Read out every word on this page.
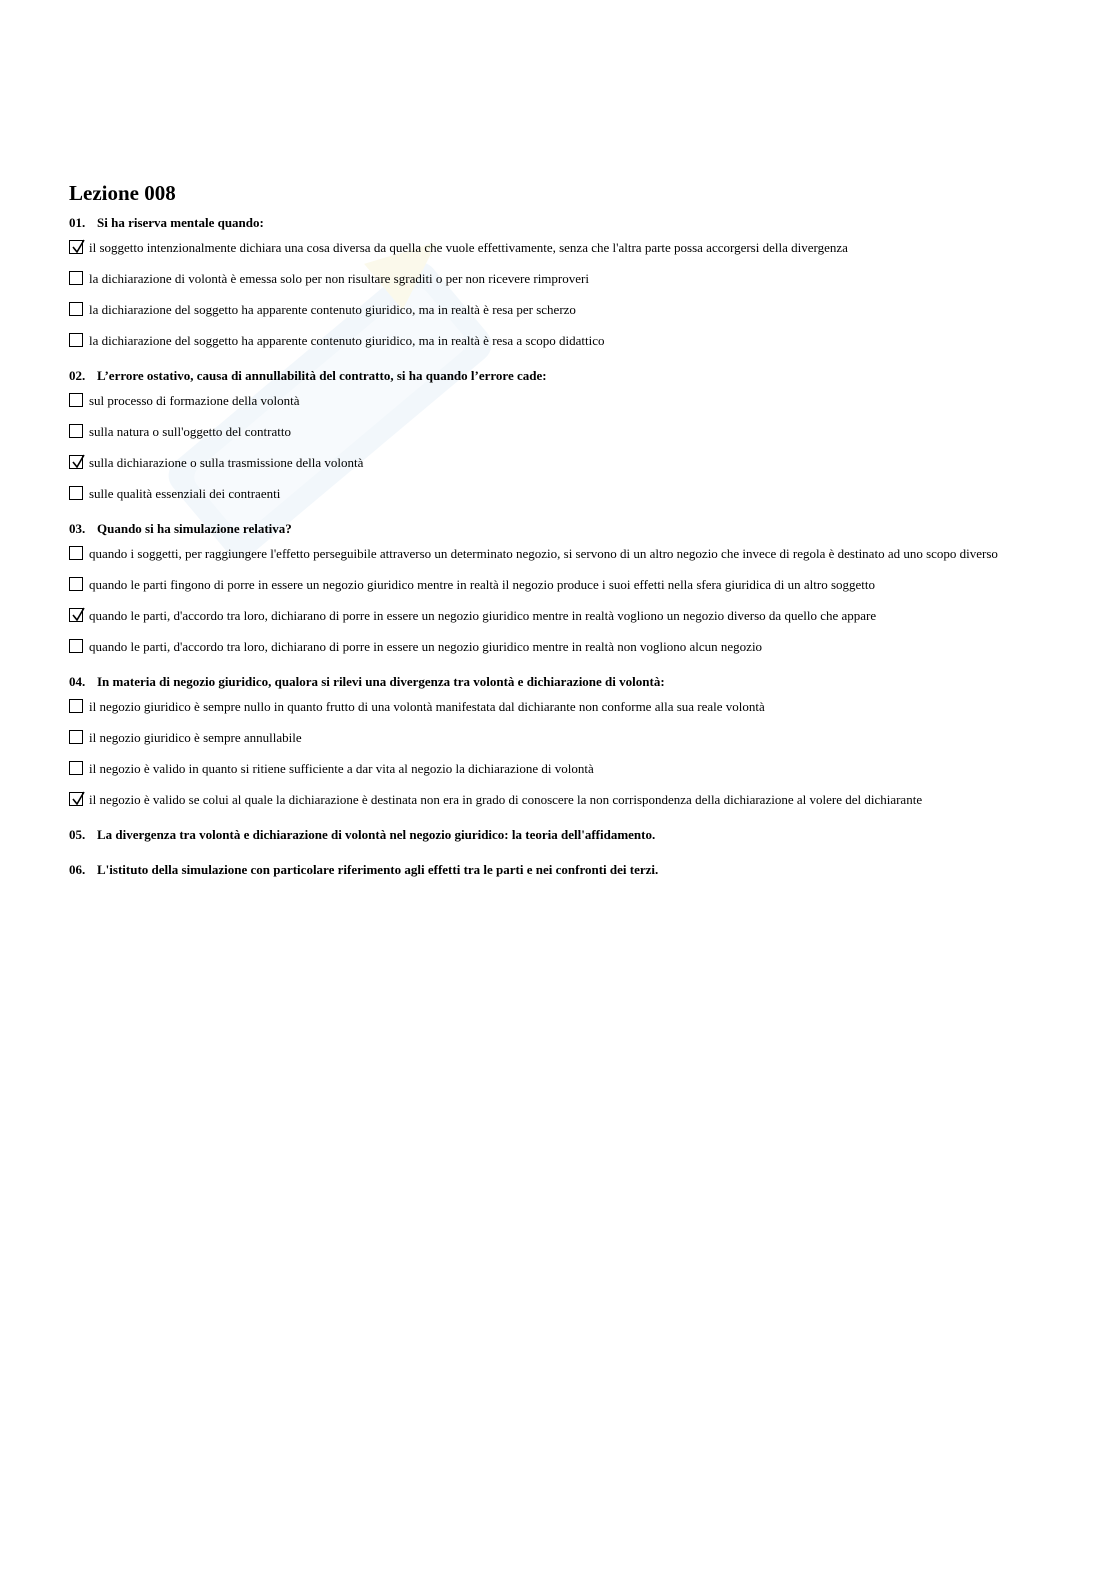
Lezione 008
01. Si ha riserva mentale quando:
il soggetto intenzionalmente dichiara una cosa diversa da quella che vuole effettivamente, senza che l'altra parte possa accorgersi della divergenza
la dichiarazione di volontà è emessa solo per non risultare sgraditi o per non ricevere rimproveri
la dichiarazione del soggetto ha apparente contenuto giuridico, ma in realtà è resa per scherzo
la dichiarazione del soggetto ha apparente contenuto giuridico, ma in realtà è resa a scopo didattico
02. L’errore ostativo, causa di annullabilità del contratto, si ha quando l’errore cade:
sul processo di formazione della volontà
sulla natura o sull'oggetto del contratto
sulla dichiarazione o sulla trasmissione della volontà
sulle qualità essenziali dei contraenti
03. Quando si ha simulazione relativa?
quando i soggetti, per raggiungere l'effetto perseguibile attraverso un determinato negozio, si servono di un altro negozio che invece di regola è destinato ad uno scopo diverso
quando le parti fingono di porre in essere un negozio giuridico mentre in realtà il negozio produce i suoi effetti nella sfera giuridica di un altro soggetto
quando le parti, d'accordo tra loro, dichiarano di porre in essere un negozio giuridico mentre in realtà vogliono un negozio diverso da quello che appare
quando le parti, d'accordo tra loro, dichiarano di porre in essere un negozio giuridico mentre in realtà non vogliono alcun negozio
04. In materia di negozio giuridico, qualora si rilevi una divergenza tra volontà e dichiarazione di volontà:
il negozio giuridico è sempre nullo in quanto frutto di una volontà manifestata dal dichiarante non conforme alla sua reale volontà
il negozio giuridico è sempre annullabile
il negozio è valido in quanto si ritiene sufficiente a dar vita al negozio la dichiarazione di volontà
il negozio è valido se colui al quale la dichiarazione è destinata non era in grado di conoscere la non corrispondenza della dichiarazione al volere del dichiarante
05. La divergenza tra volontà e dichiarazione di volontà nel negozio giuridico: la teoria dell'affidamento.
06. L'istituto della simulazione con particolare riferimento agli effetti tra le parti e nei confronti dei terzi.
